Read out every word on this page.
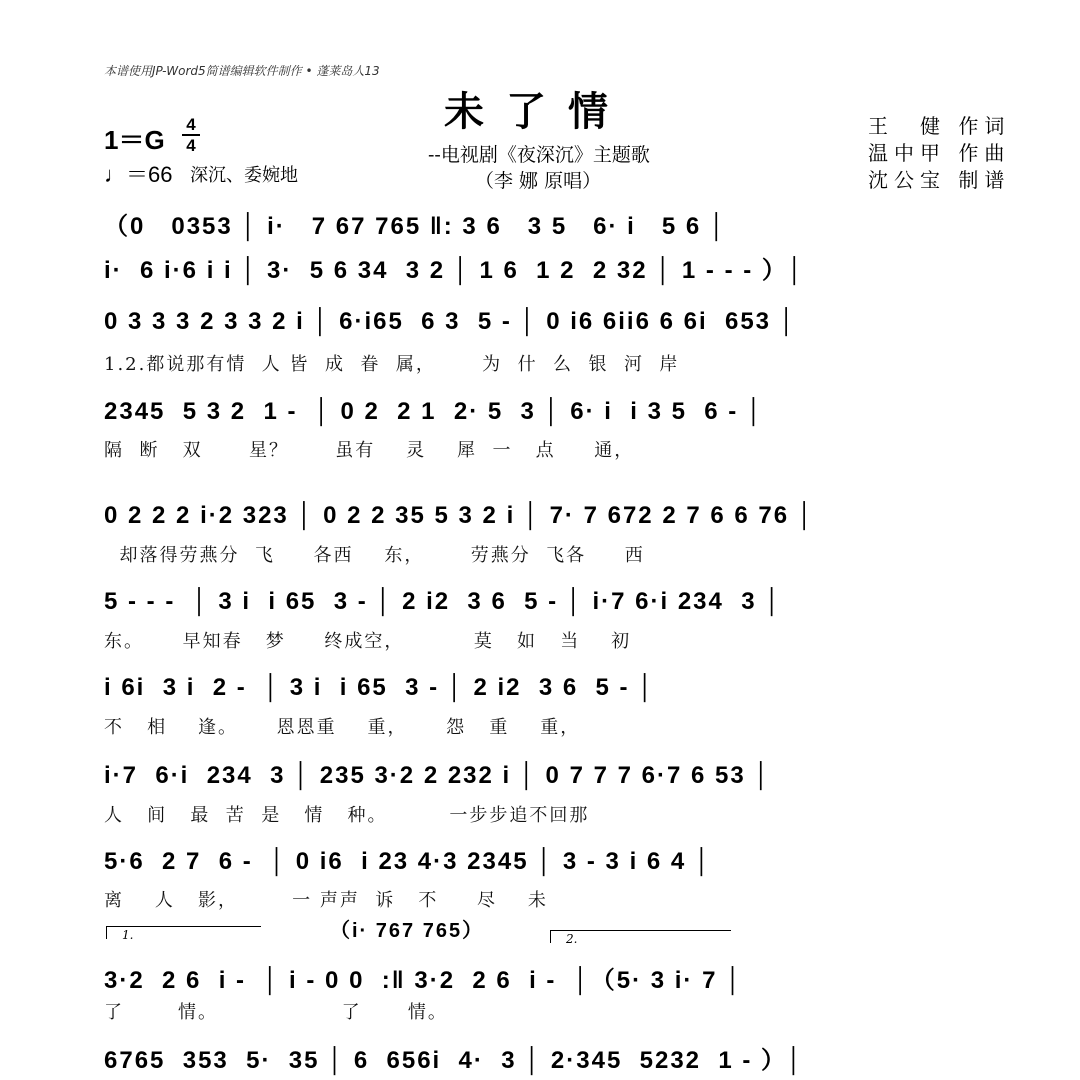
本谱使用JP-Word5简谱编辑软件制作 • 蓬莱岛人13
未了情
--电视剧《夜深沉》主题歌
（李 娜 原唱）
王　健 作词
温中甲 作曲
沈公宝 制谱
1＝G
4
4
♩＝66 深沉、委婉地
（0   0353 │ i·   7 67 765 ‖: 3 6   3 5   6· i   5 6 │
i·  6 i·6 i i │ 3·  5 6 34  3 2 │ 1 6  1 2  2 32 │ 1 - - - ）│
0 3 3 3 2 3 3 2 i │ 6·i65  6 3  5 - │ 0 i6 6ii6 6 6i  653 │
1.2.都说那有情  人 皆  成  眷  属，      为  什  么  银  河  岸
2345  5 3 2  1 -  │ 0 2  2 1  2· 5  3 │ 6· i  i 3 5  6 - │
隔  断   双      星？      虽有    灵    犀  一   点     通，
0 2 2 2 i·2 323 │ 0 2 2 35 5 3 2 i │ 7· 7 672 2 7 6 6 76 │
却落得劳燕分  飞     各西    东，      劳燕分  飞各     西
5 - - -  │ 3 i  i 65  3 - │ 2 i2  3 6  5 - │ i·7 6·i 234  3 │
东。     早知春   梦     终成空，         莫   如   当    初
i 6i  3 i  2 -  │ 3 i  i 65  3 - │ 2 i2  3 6  5 - │
不   相    逢。     恩恩重    重，     怨   重    重，
i·7  6·i  234  3 │ 235 3·2 2 232 i │ 0 7 7 7 6·7 6 53 │
人   间   最  苦  是   情   种。        一步步追不回那
5·6  2 7  6 -  │ 0 i6  i 23 4·3 2345 │ 3 - 3 i 6 4 │
离    人   影，       一 声声  诉   不     尽    未
（i· 767 765）
1.	2.
3·2  2 6  i -  │ i - 0 0  :‖ 3·2  2 6  i -  │（5· 3 i· 7 │
了       情。                了      情。
6765  353  5·  35 │ 6  656i  4·  3 │ 2·345  5232  1 - ）│
